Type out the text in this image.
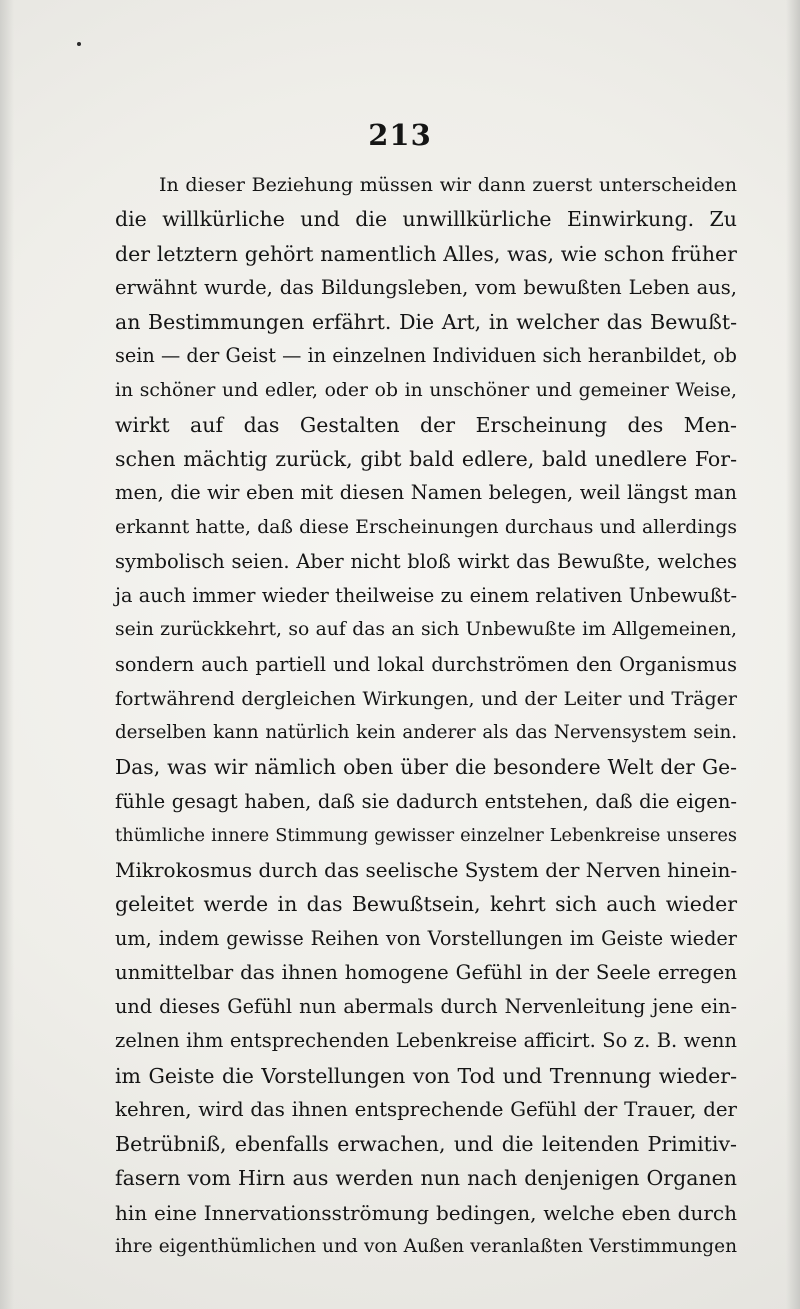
213
In dieser Beziehung müssen wir dann zuerst unterscheiden
die willkürliche und die unwillkürliche Einwirkung. Zu
der letztern gehört namentlich Alles, was, wie schon früher
erwähnt wurde, das Bildungsleben, vom bewußten Leben aus,
an Bestimmungen erfährt. Die Art, in welcher das Bewußt-
sein — der Geist — in einzelnen Individuen sich heranbildet, ob
in schöner und edler, oder ob in unschöner und gemeiner Weise,
wirkt auf das Gestalten der Erscheinung des Men-
schen mächtig zurück, gibt bald edlere, bald unedlere For-
men, die wir eben mit diesen Namen belegen, weil längst man
erkannt hatte, daß diese Erscheinungen durchaus und allerdings
symbolisch seien. Aber nicht bloß wirkt das Bewußte, welches
ja auch immer wieder theilweise zu einem relativen Unbewußt-
sein zurückkehrt, so auf das an sich Unbewußte im Allgemeinen,
sondern auch partiell und lokal durchströmen den Organismus
fortwährend dergleichen Wirkungen, und der Leiter und Träger
derselben kann natürlich kein anderer als das Nervensystem sein.
Das, was wir nämlich oben über die besondere Welt der Ge-
fühle gesagt haben, daß sie dadurch entstehen, daß die eigen-
thümliche innere Stimmung gewisser einzelner Lebenkreise unseres
Mikrokosmus durch das seelische System der Nerven hinein-
geleitet werde in das Bewußtsein, kehrt sich auch wieder
um, indem gewisse Reihen von Vorstellungen im Geiste wieder
unmittelbar das ihnen homogene Gefühl in der Seele erregen
und dieses Gefühl nun abermals durch Nervenleitung jene ein-
zelnen ihm entsprechenden Lebenkreise afficirt. So z. B. wenn
im Geiste die Vorstellungen von Tod und Trennung wieder-
kehren, wird das ihnen entsprechende Gefühl der Trauer, der
Betrübniß, ebenfalls erwachen, und die leitenden Primitiv-
fasern vom Hirn aus werden nun nach denjenigen Organen
hin eine Innervationsströmung bedingen, welche eben durch
ihre eigenthümlichen und von Außen veranlaßten Verstimmungen
